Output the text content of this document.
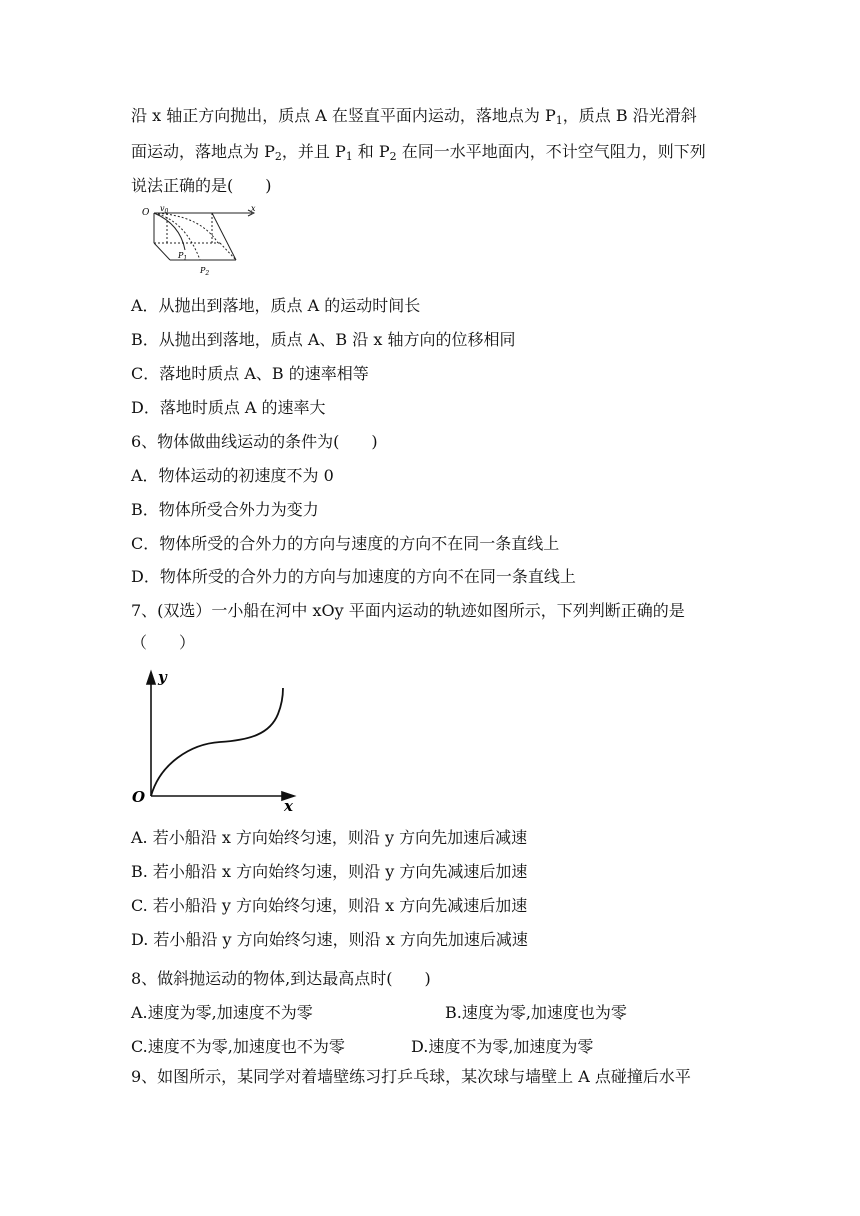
沿 x 轴正方向抛出，质点 A 在竖直平面内运动，落地点为 $P_1$，质点 B 沿光滑斜
面运动，落地点为 $P_2$，并且 $P_1$ 和 $P_2$ 在同一水平地面内，不计空气阻力，则下列
说法正确的是(　　)
O $v_0$	x
$P_1$
$P_2$
A．从抛出到落地，质点 A 的运动时间长
B．从抛出到落地，质点 A、B 沿 x 轴方向的位移相同
C．落地时质点 A、B 的速率相等
D．落地时质点 A 的速率大
6、物体做曲线运动的条件为(　　)
A．物体运动的初速度不为 0
B．物体所受合外力为变力
C．物体所受的合外力的方向与速度的方向不在同一条直线上
D．物体所受的合外力的方向与加速度的方向不在同一条直线上
7、(双选）一小船在河中 xOy 平面内运动的轨迹如图所示，下列判断正确的是
（　　）
y
O	x
A. 若小船沿 x 方向始终匀速，则沿 y 方向先加速后减速
B. 若小船沿 x 方向始终匀速，则沿 y 方向先减速后加速
C. 若小船沿 y 方向始终匀速，则沿 x 方向先减速后加速
D. 若小船沿 y 方向始终匀速，则沿 x 方向先加速后减速
8、做斜抛运动的物体,到达最高点时(　　)
A.速度为零,加速度不为零	B.速度为零,加速度也为零
C.速度不为零,加速度也不为零	D.速度不为零,加速度为零
9、如图所示，某同学对着墙壁练习打乒乓球，某次球与墙壁上 A 点碰撞后水平
